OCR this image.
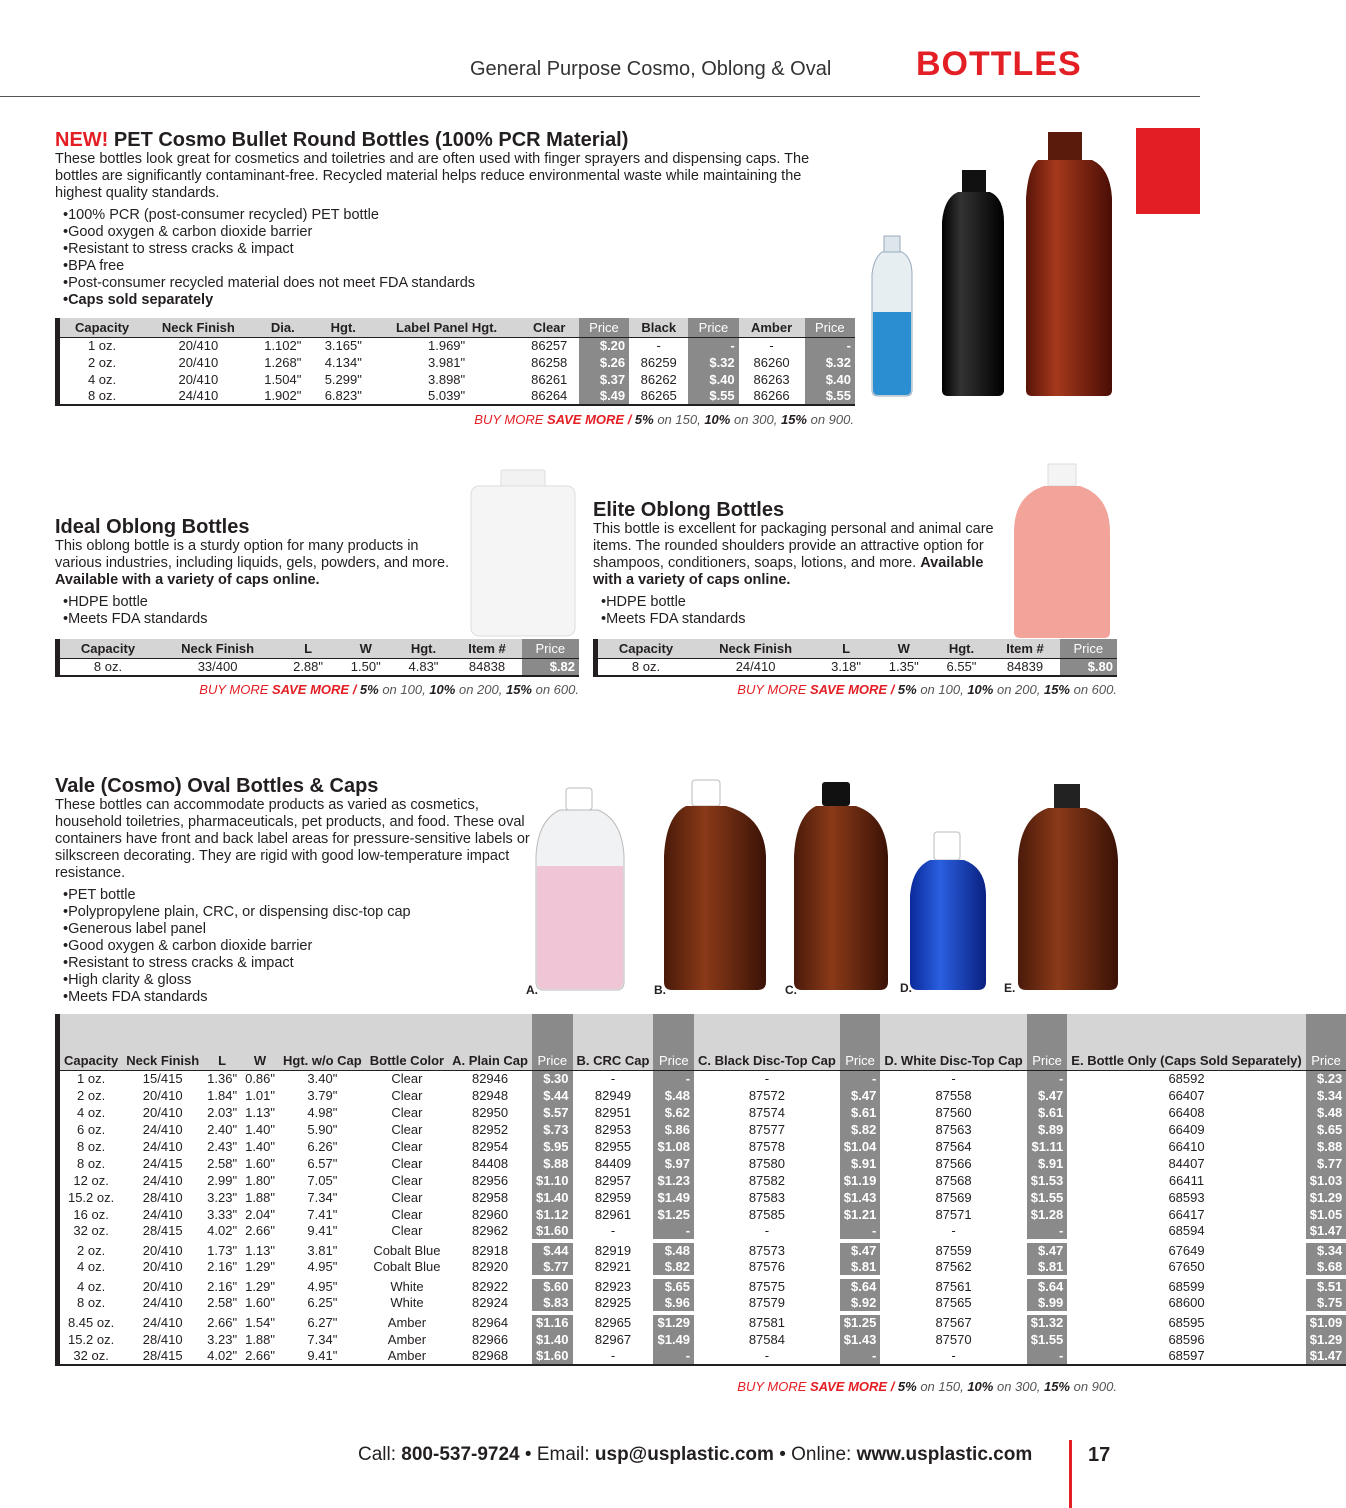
General Purpose Cosmo, Oblong & Oval BOTTLES
NEW! PET Cosmo Bullet Round Bottles (100% PCR Material)

These bottles look great for cosmetics and toiletries and are often used with finger sprayers and dispensing caps. The bottles are significantly contaminant-free. Recycled material helps reduce environmental waste while maintaining the highest quality standards.

• 100% PCR (post-consumer recycled) PET bottle
• Good oxygen & carbon dioxide barrier
• Resistant to stress cracks & impact
• BPA free
• Post-consumer recycled material does not meet FDA standards
• Caps sold separately
Capacity	Neck Finish	Dia.	Hgt.	Label Panel Hgt.	Clear	Price	Black	Price	Amber	Price
1 oz.	20/410	1.102"	3.165"	1.969"	86257	$.20	-	-	-	-
2 oz.	20/410	1.268"	4.134"	3.981"	86258	$.26	86259	$.32	86260	$.32
4 oz.	20/410	1.504"	5.299"	3.898"	86261	$.37	86262	$.40	86263	$.40
8 oz.	24/410	1.902"	6.823"	5.039"	86264	$.49	86265	$.55	86266	$.55
BUY MORE SAVE MORE / 5% on 150, 10% on 300, 15% on 900.
Ideal Oblong Bottles

This oblong bottle is a sturdy option for many products in various industries, including liquids, gels, powders, and more. Available with a variety of caps online.

• HDPE bottle
• Meets FDA standards
Capacity	Neck Finish	L	W	Hgt.	Item #	Price
8 oz.	33/400	2.88"	1.50"	4.83"	84838	$.82
BUY MORE SAVE MORE / 5% on 100, 10% on 200, 15% on 600.
Elite Oblong Bottles

This bottle is excellent for packaging personal and animal care items. The rounded shoulders provide an attractive option for shampoos, conditioners, soaps, lotions, and more. Available with a variety of caps online.

• HDPE bottle
• Meets FDA standards
Capacity	Neck Finish	L	W	Hgt.	Item #	Price
8 oz.	24/410	3.18"	1.35"	6.55"	84839	$.80
BUY MORE SAVE MORE / 5% on 100, 10% on 200, 15% on 600.
Vale (Cosmo) Oval Bottles & Caps

These bottles can accommodate products as varied as cosmetics, household toiletries, pharmaceuticals, pet products, and food. These oval containers have front and back label areas for pressure-sensitive labels or silkscreen decorating. They are rigid with good low-temperature impact resistance.

• PET bottle
• Polypropylene plain, CRC, or dispensing disc-top cap
• Generous label panel
• Good oxygen & carbon dioxide barrier
• Resistant to stress cracks & impact
• High clarity & gloss
• Meets FDA standards	A.	B.	C.	D.	E.
Capacity	Neck Finish	L	W	Hgt. w/o Cap	Bottle Color	A. Plain Cap	Price	B. CRC Cap	Price	C. Black Disc-Top Cap	Price	D. White Disc-Top Cap	Price	E. Bottle Only (Caps Sold Separately)	Price
1 oz.	15/415	1.36"	0.86"	3.40"	Clear	82946	$.30	-	-	-	-	-	-	68592	$.23
2 oz.	20/410	1.84"	1.01"	3.79"	Clear	82948	$.44	82949	$.48	87572	$.47	87558	$.47	66407	$.34
4 oz.	20/410	2.03"	1.13"	4.98"	Clear	82950	$.57	82951	$.62	87574	$.61	87560	$.61	66408	$.48
6 oz.	24/410	2.40"	1.40"	5.90"	Clear	82952	$.73	82953	$.86	87577	$.82	87563	$.89	66409	$.65
8 oz.	24/410	2.43"	1.40"	6.26"	Clear	82954	$.95	82955	$1.08	87578	$1.04	87564	$1.11	66410	$.88
8 oz.	24/415	2.58"	1.60"	6.57"	Clear	84408	$.88	84409	$.97	87580	$.91	87566	$.91	84407	$.77
12 oz.	24/410	2.99"	1.80"	7.05"	Clear	82956	$1.10	82957	$1.23	87582	$1.19	87568	$1.53	66411	$1.03
15.2 oz.	28/410	3.23"	1.88"	7.34"	Clear	82958	$1.40	82959	$1.49	87583	$1.43	87569	$1.55	68593	$1.29
16 oz.	24/410	3.33"	2.04"	7.41"	Clear	82960	$1.12	82961	$1.25	87585	$1.21	87571	$1.28	66417	$1.05
32 oz.	28/415	4.02"	2.66"	9.41"	Clear	82962	$1.60	-	-	-	-	-	-	68594	$1.47
2 oz.	20/410	1.73"	1.13"	3.81"	Cobalt Blue	82918	$.44	82919	$.48	87573	$.47	87559	$.47	67649	$.34
4 oz.	20/410	2.16"	1.29"	4.95"	Cobalt Blue	82920	$.77	82921	$.82	87576	$.81	87562	$.81	67650	$.68
4 oz.	20/410	2.16"	1.29"	4.95"	White	82922	$.60	82923	$.65	87575	$.64	87561	$.64	68599	$.51
8 oz.	24/410	2.58"	1.60"	6.25"	White	82924	$.83	82925	$.96	87579	$.92	87565	$.99	68600	$.75
8.45 oz.	24/410	2.66"	1.54"	6.27"	Amber	82964	$1.16	82965	$1.29	87581	$1.25	87567	$1.32	68595	$1.09
15.2 oz.	28/410	3.23"	1.88"	7.34"	Amber	82966	$1.40	82967	$1.49	87584	$1.43	87570	$1.55	68596	$1.29
32 oz.	28/415	4.02"	2.66"	9.41"	Amber	82968	$1.60	-	-	-	-	-	-	68597	$1.47
BUY MORE SAVE MORE / 5% on 150, 10% on 300, 15% on 900.
Call: 800-537-9724 • Email: usp@usplastic.com • Online: www.usplastic.com	17
